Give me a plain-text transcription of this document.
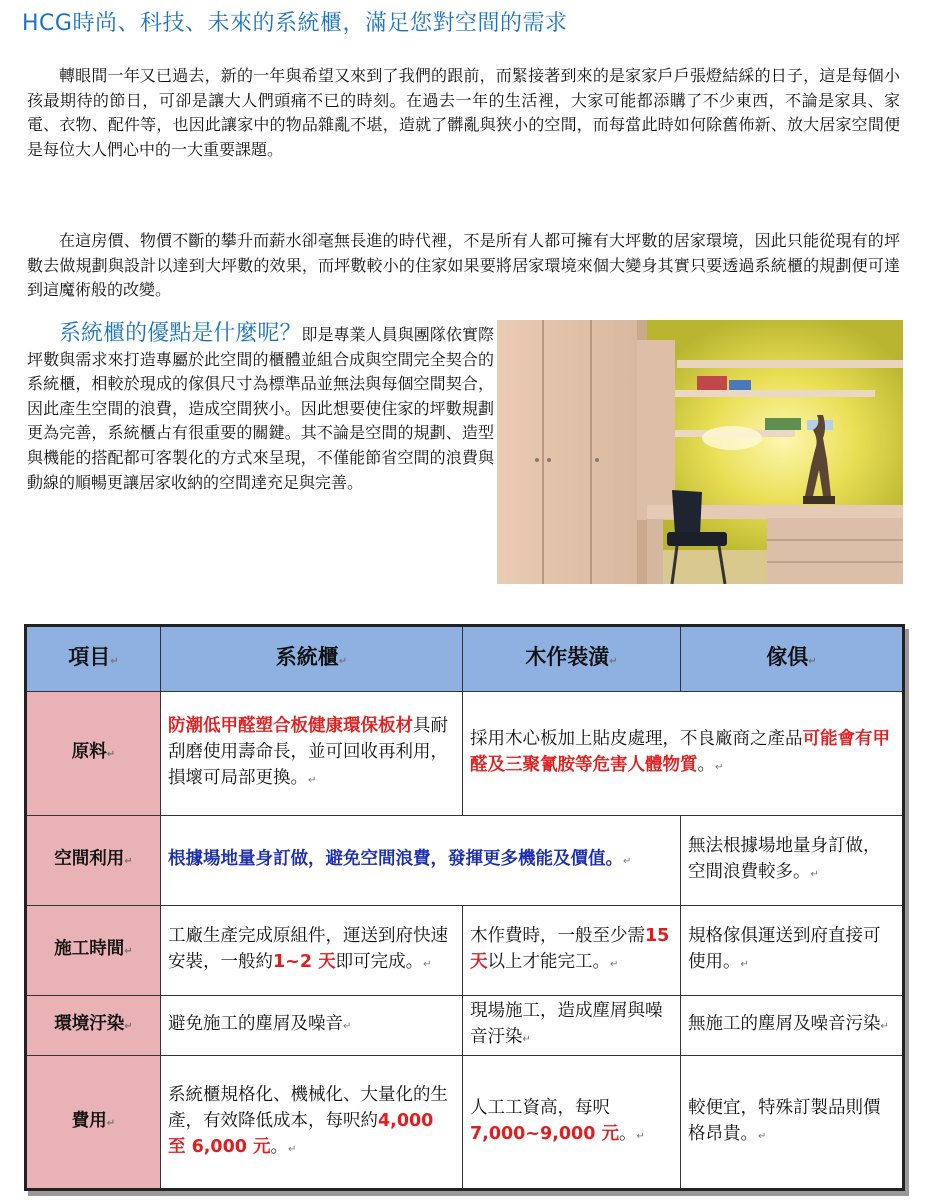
HCG時尚、科技、未來的系統櫃，滿足您對空間的需求

轉眼間一年又已過去，新的一年與希望又來到了我們的跟前，而緊接著到來的是家家戶戶張燈結綵的日子，這是每個小孩最期待的節日，可卻是讓大人們頭痛不已的時刻。在過去一年的生活裡，大家可能都添購了不少東西，不論是家具、家電、衣物、配件等，也因此讓家中的物品雜亂不堪，造就了髒亂與狹小的空間，而每當此時如何除舊佈新、放大居家空間便是每位大人們心中的一大重要課題。

在這房價、物價不斷的攀升而薪水卻毫無長進的時代裡，不是所有人都可擁有大坪數的居家環境，因此只能從現有的坪數去做規劃與設計以達到大坪數的效果，而坪數較小的住家如果要將居家環境來個大變身其實只要透過系統櫃的規劃便可達到這魔術般的改變。

系統櫃的優點是什麼呢？即是專業人員與團隊依實際坪數與需求來打造專屬於此空間的櫃體並組合成與空間完全契合的系統櫃，相較於現成的傢俱尺寸為標準品並無法與每個空間契合，因此產生空間的浪費，造成空間狹小。因此想要使住家的坪數規劃更為完善，系統櫃占有很重要的關鍵。其不論是空間的規劃、造型與機能的搭配都可客製化的方式來呈現，不僅能節省空間的浪費與動線的順暢更讓居家收納的空間達充足與完善。

項目↵	系統櫃↵	木作裝潢↵	傢俱↵
原料↵	防潮低甲醛塑合板健康環保板材具耐刮磨使用壽命長，並可回收再利用，損壞可局部更換。↵	採用木心板加上貼皮處理，不良廠商之產品可能會有甲醛及三聚氰胺等危害人體物質。↵	
空間利用↵	根據場地量身訂做，避免空間浪費，發揮更多機能及價值。↵		無法根據場地量身訂做，空間浪費較多。↵
施工時間↵	工廠生產完成原組件，運送到府快速安裝，一般約1~2 天即可完成。↵	木作費時，一般至少需15 天以上才能完工。↵	規格傢俱運送到府直接可使用。↵
環境汙染↵	避免施工的塵屑及噪音↵	現場施工，造成塵屑與噪音汙染↵	無施工的塵屑及噪音污染↵
費用↵	系統櫃規格化、機械化、大量化的生產，有效降低成本，每呎約4,000 至 6,000 元。↵	人工工資高，每呎7,000~9,000 元。↵	較便宜，特殊訂製品則價格昂貴。↵
